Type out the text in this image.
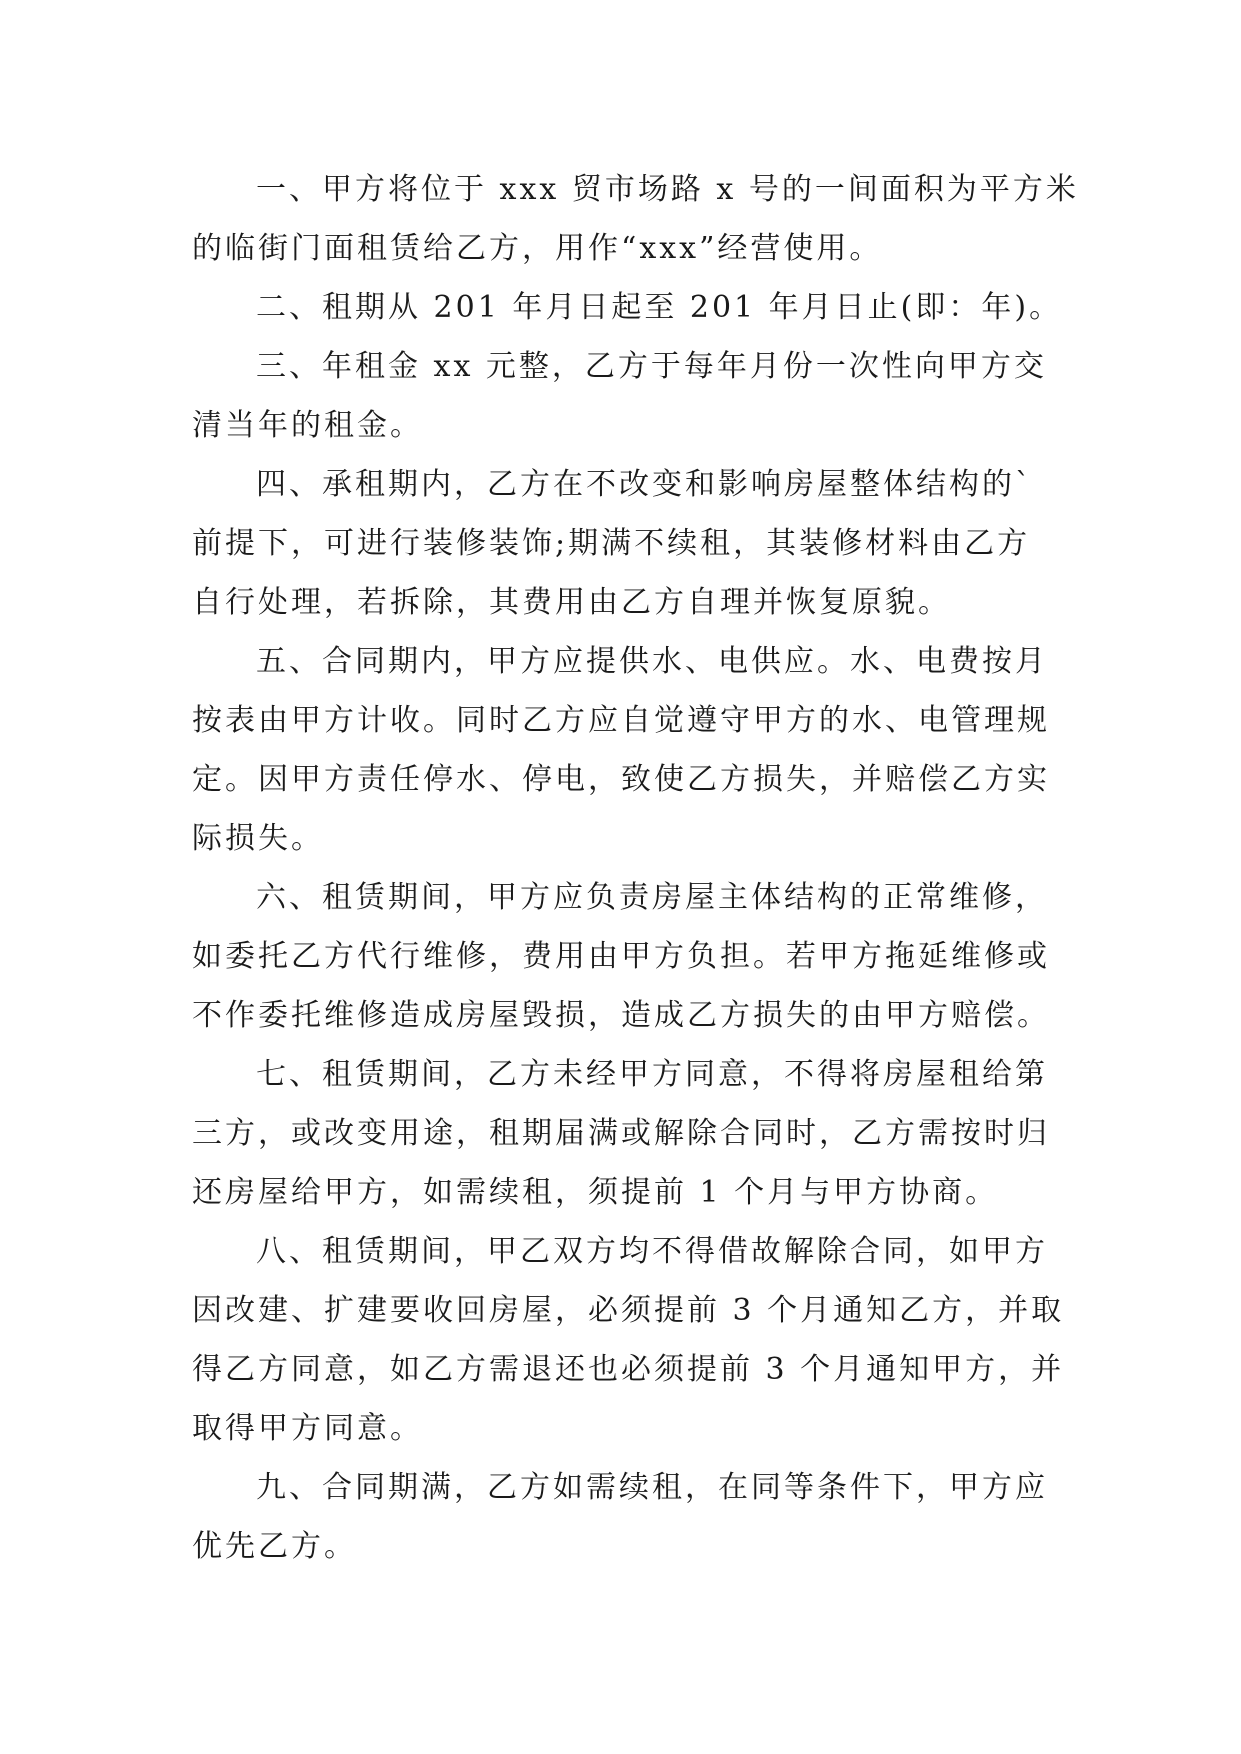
一、甲方将位于 xxx 贸市场路 x 号的一间面积为平方米
的临街门面租赁给乙方，用作“xxx”经营使用。
二、租期从 201 年月日起至 201 年月日止(即：年)。
三、年租金 xx 元整，乙方于每年月份一次性向甲方交
清当年的租金。
四、承租期内，乙方在不改变和影响房屋整体结构的`
前提下，可进行装修装饰;期满不续租，其装修材料由乙方
自行处理，若拆除，其费用由乙方自理并恢复原貌。
五、合同期内，甲方应提供水、电供应。水、电费按月
按表由甲方计收。同时乙方应自觉遵守甲方的水、电管理规
定。因甲方责任停水、停电，致使乙方损失，并赔偿乙方实
际损失。
六、租赁期间，甲方应负责房屋主体结构的正常维修，
如委托乙方代行维修，费用由甲方负担。若甲方拖延维修或
不作委托维修造成房屋毁损，造成乙方损失的由甲方赔偿。
七、租赁期间，乙方未经甲方同意，不得将房屋租给第
三方，或改变用途，租期届满或解除合同时，乙方需按时归
还房屋给甲方，如需续租，须提前 1 个月与甲方协商。
八、租赁期间，甲乙双方均不得借故解除合同，如甲方
因改建、扩建要收回房屋，必须提前 3 个月通知乙方，并取
得乙方同意，如乙方需退还也必须提前 3 个月通知甲方，并
取得甲方同意。
九、合同期满，乙方如需续租，在同等条件下，甲方应
优先乙方。
